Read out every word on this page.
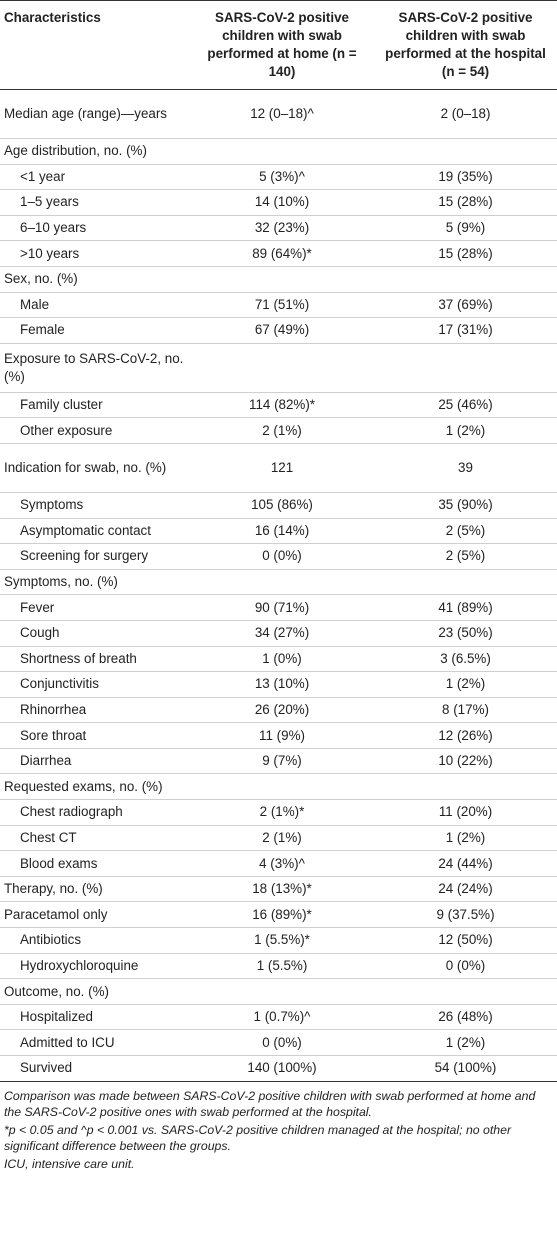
Characteristics	SARS-CoV-2 positive children with swab performed at home (n = 140)	SARS-CoV-2 positive children with swab performed at the hospital (n = 54)
Median age (range)—years	12 (0–18)^	2 (0–18)
Age distribution, no. (%)		
<1 year	5 (3%)^	19 (35%)
1–5 years	14 (10%)	15 (28%)
6–10 years	32 (23%)	5 (9%)
>10 years	89 (64%)*	15 (28%)
Sex, no. (%)		
Male	71 (51%)	37 (69%)
Female	67 (49%)	17 (31%)
Exposure to SARS-CoV-2, no. (%)		
Family cluster	114 (82%)*	25 (46%)
Other exposure	2 (1%)	1 (2%)
Indication for swab, no. (%)	121	39
Symptoms	105 (86%)	35 (90%)
Asymptomatic contact	16 (14%)	2 (5%)
Screening for surgery	0 (0%)	2 (5%)
Symptoms, no. (%)		
Fever	90 (71%)	41 (89%)
Cough	34 (27%)	23 (50%)
Shortness of breath	1 (0%)	3 (6.5%)
Conjunctivitis	13 (10%)	1 (2%)
Rhinorrhea	26 (20%)	8 (17%)
Sore throat	11 (9%)	12 (26%)
Diarrhea	9 (7%)	10 (22%)
Requested exams, no. (%)		
Chest radiograph	2 (1%)*	11 (20%)
Chest CT	2 (1%)	1 (2%)
Blood exams	4 (3%)^	24 (44%)
Therapy, no. (%)	18 (13%)*	24 (24%)
Paracetamol only	16 (89%)*	9 (37.5%)
Antibiotics	1 (5.5%)*	12 (50%)
Hydroxychloroquine	1 (5.5%)	0 (0%)
Outcome, no. (%)		
Hospitalized	1 (0.7%)^	26 (48%)
Admitted to ICU	0 (0%)	1 (2%)
Survived	140 (100%)	54 (100%)

Comparison was made between SARS-CoV-2 positive children with swab performed at home and the SARS-CoV-2 positive ones with swab performed at the hospital.

*p < 0.05 and ^p < 0.001 vs. SARS-CoV-2 positive children managed at the hospital; no other significant difference between the groups.

ICU, intensive care unit.
